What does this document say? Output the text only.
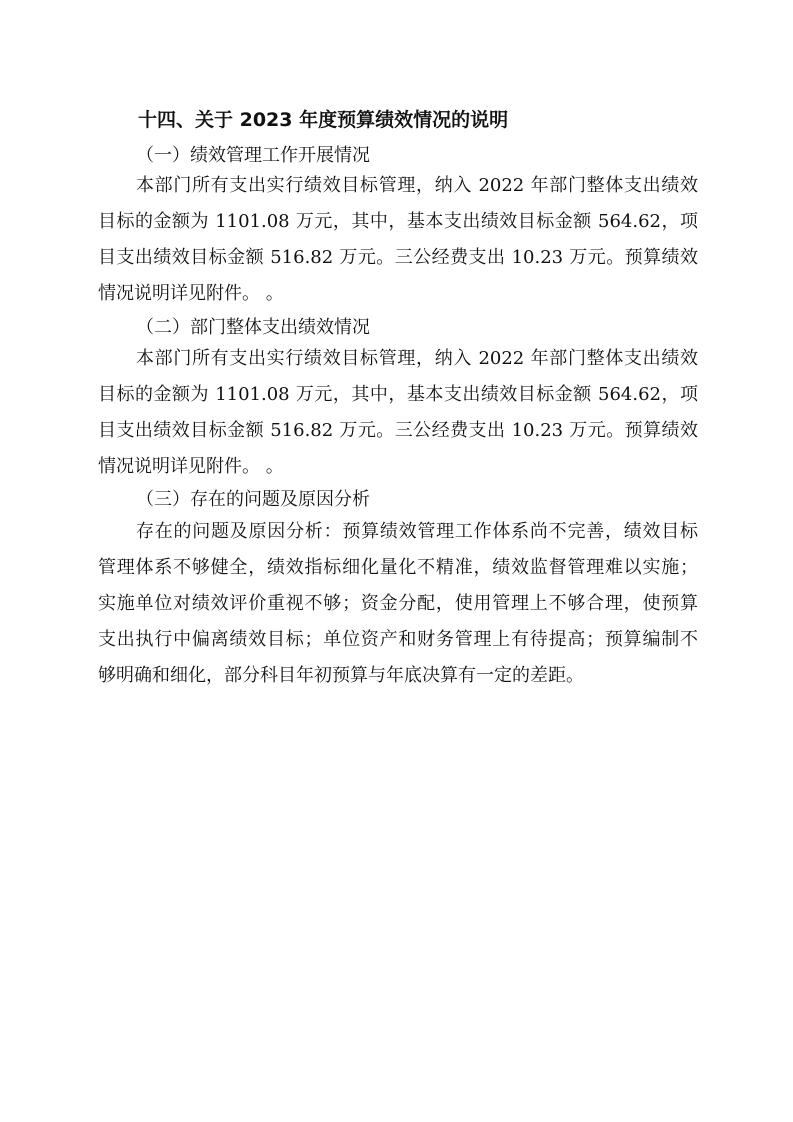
十四、关于 2023 年度预算绩效情况的说明
（一）绩效管理工作开展情况
本部门所有支出实行绩效目标管理，纳入 2022 年部门整体支出绩效
目标的金额为 1101.08 万元，其中，基本支出绩效目标金额 564.62，项
目支出绩效目标金额 516.82 万元。三公经费支出 10.23 万元。预算绩效
情况说明详见附件。 。
（二）部门整体支出绩效情况
本部门所有支出实行绩效目标管理，纳入 2022 年部门整体支出绩效
目标的金额为 1101.08 万元，其中，基本支出绩效目标金额 564.62，项
目支出绩效目标金额 516.82 万元。三公经费支出 10.23 万元。预算绩效
情况说明详见附件。 。
（三）存在的问题及原因分析
存在的问题及原因分析：预算绩效管理工作体系尚不完善，绩效目标
管理体系不够健全，绩效指标细化量化不精准，绩效监督管理难以实施；
实施单位对绩效评价重视不够；资金分配，使用管理上不够合理，使预算
支出执行中偏离绩效目标；单位资产和财务管理上有待提高；预算编制不
够明确和细化，部分科目年初预算与年底决算有一定的差距。
